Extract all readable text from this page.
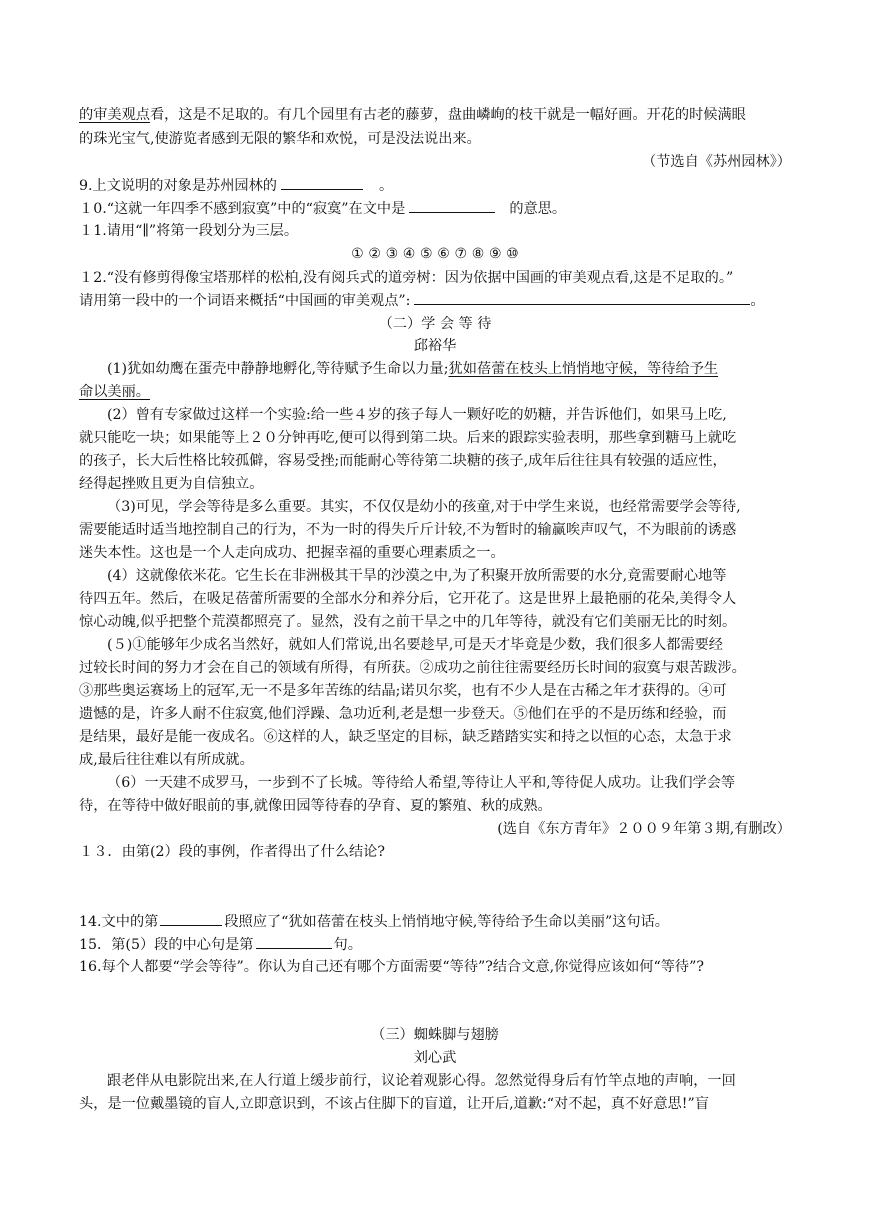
的审美观点看，这是不足取的。有几个园里有古老的藤萝，盘曲嶙峋的枝干就是一幅好画。开花的时候满眼
的珠光宝气,使游览者感到无限的繁华和欢悦，可是没法说出来。
（节选自《苏州园林》）
9.上文说明的对象是苏州园林的	。
１0.“这就一年四季不感到寂寞”中的“寂寞”在文中是	的意思。
１1.请用“∥”将第一段划分为三层。
① ② ③ ④ ⑤ ⑥ ⑦ ⑧ ⑨ ⑩
１2.“没有修剪得像宝塔那样的松柏,没有阅兵式的道旁树：因为依据中国画的审美观点看,这是不足取的。”
请用第一段中的一个词语来概括“中国画的审美观点”:	。
（二）学 会 等 待
邱裕华
(1)犹如幼鹰在蛋壳中静静地孵化,等待赋予生命以力量;犹如蓓蕾在枝头上悄悄地守候，等待给予生
命以美丽。
(2）曾有专家做过这样一个实验:给一些４岁的孩子每人一颗好吃的奶糖，并告诉他们，如果马上吃,
就只能吃一块；如果能等上２０分钟再吃,便可以得到第二块。后来的跟踪实验表明，那些拿到糖马上就吃
的孩子，长大后性格比较孤僻，容易受挫;而能耐心等待第二块糖的孩子,成年后往往具有较强的适应性，
经得起挫败且更为自信独立。
（3)可见，学会等待是多么重要。其实，不仅仅是幼小的孩童,对于中学生来说，也经常需要学会等待,
需要能适时适当地控制自己的行为，不为一时的得失斤斤计较,不为暂时的输赢唉声叹气，不为眼前的诱惑
迷失本性。这也是一个人走向成功、把握幸福的重要心理素质之一。
(4）这就像依米花。它生长在非洲极其干旱的沙漠之中,为了积聚开放所需要的水分,竟需要耐心地等
待四五年。然后，在吸足蓓蕾所需要的全部水分和养分后，它开花了。这是世界上最艳丽的花朵,美得令人
惊心动魄,似乎把整个荒漠都照亮了。显然，没有之前干旱之中的几年等待，就没有它们美丽无比的时刻。
(５)①能够年少成名当然好，就如人们常说,出名要趁早,可是天才毕竟是少数，我们很多人都需要经
过较长时间的努力才会在自己的领域有所得，有所获。②成功之前往往需要经历长时间的寂寞与艰苦跋涉。
③那些奥运赛场上的冠军,无一不是多年苦练的结晶;诺贝尔奖，也有不少人是在古稀之年才获得的。④可
遗憾的是，许多人耐不住寂寞,他们浮躁、急功近利,老是想一步登天。⑤他们在乎的不是历练和经验，而
是结果，最好是能一夜成名。⑥这样的人，缺乏坚定的目标，缺乏踏踏实实和持之以恒的心态，太急于求
成,最后往往难以有所成就。
（6）一天建不成罗马，一步到不了长城。等待给人希望,等待让人平和,等待促人成功。让我们学会等
待，在等待中做好眼前的事,就像田园等待春的孕育、夏的繁殖、秋的成熟。
(选自《东方青年》２００９年第３期,有删改）
１３．由第(2）段的事例，作者得出了什么结论?
14.文中的第	段照应了“犹如蓓蕾在枝头上悄悄地守候,等待给予生命以美丽”这句话。
15．第(5）段的中心句是第	句。
16.每个人都要“学会等待”。你认为自己还有哪个方面需要“等待”?结合文意,你觉得应该如何“等待”?
（三）蜘蛛脚与翅膀
刘心武
跟老伴从电影院出来,在人行道上缓步前行，议论着观影心得。忽然觉得身后有竹竿点地的声响，一回
头，是一位戴墨镜的盲人,立即意识到，不该占住脚下的盲道，让开后,道歉:“对不起，真不好意思!”盲
